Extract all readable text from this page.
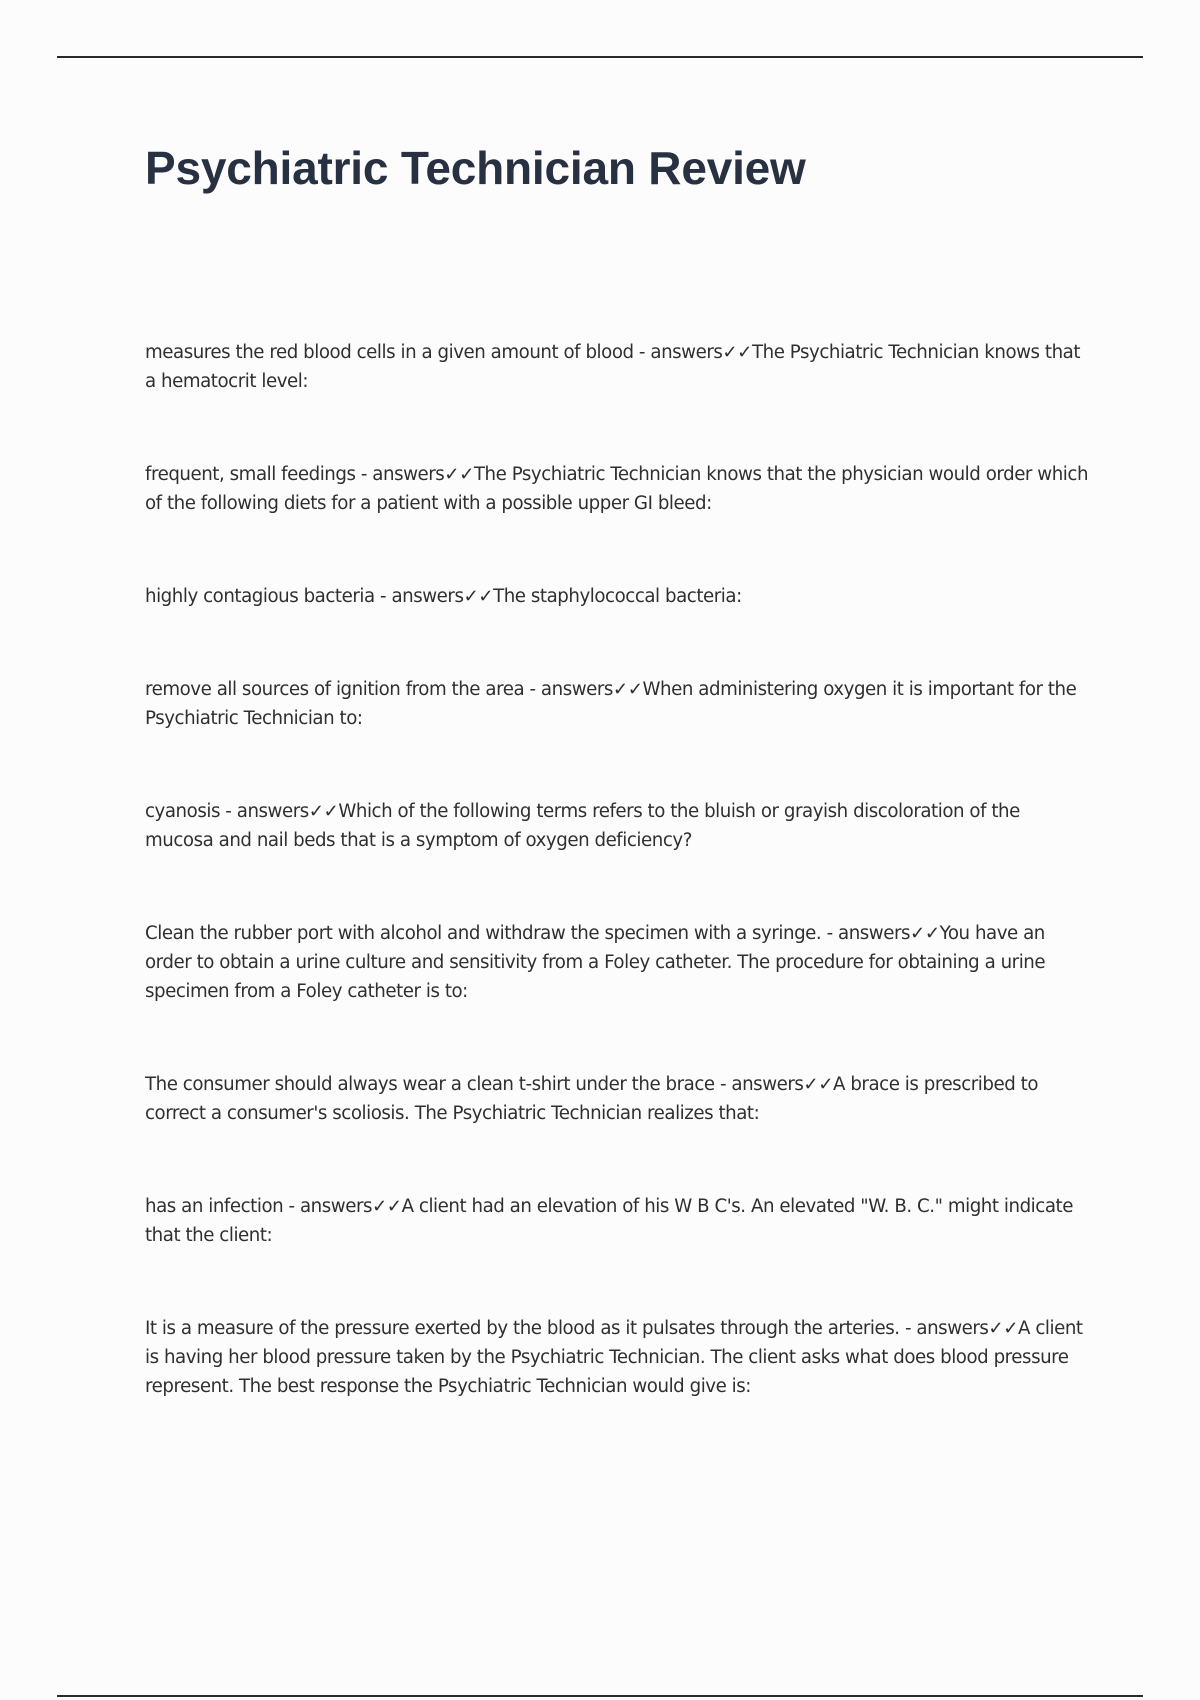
Psychiatric Technician Review

measures the red blood cells in a given amount of blood - answers✓✓The Psychiatric Technician knows that a hematocrit level:

frequent, small feedings - answers✓✓The Psychiatric Technician knows that the physician would order which of the following diets for a patient with a possible upper GI bleed:

highly contagious bacteria - answers✓✓The staphylococcal bacteria:

remove all sources of ignition from the area - answers✓✓When administering oxygen it is important for the Psychiatric Technician to:

cyanosis - answers✓✓Which of the following terms refers to the bluish or grayish discoloration of the mucosa and nail beds that is a symptom of oxygen deficiency?

Clean the rubber port with alcohol and withdraw the specimen with a syringe. - answers✓✓You have an order to obtain a urine culture and sensitivity from a Foley catheter. The procedure for obtaining a urine specimen from a Foley catheter is to:

The consumer should always wear a clean t-shirt under the brace - answers✓✓A brace is prescribed to correct a consumer's scoliosis. The Psychiatric Technician realizes that:

has an infection - answers✓✓A client had an elevation of his W B C's. An elevated "W. B. C." might indicate that the client:

It is a measure of the pressure exerted by the blood as it pulsates through the arteries. - answers✓✓A client is having her blood pressure taken by the Psychiatric Technician. The client asks what does blood pressure represent. The best response the Psychiatric Technician would give is:
